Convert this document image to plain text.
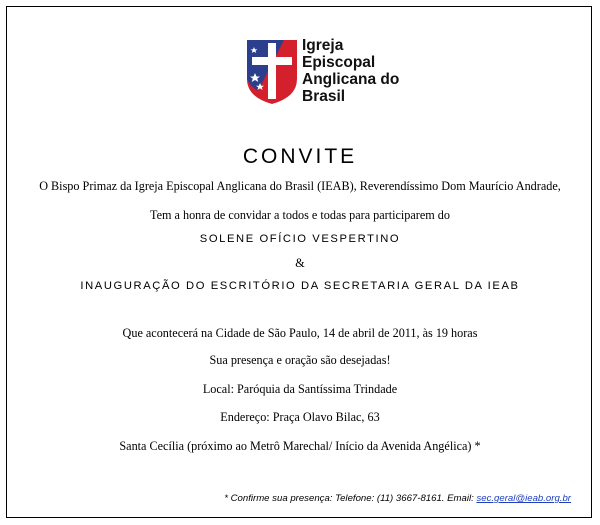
Igreja
Episcopal
Anglicana do
Brasil
CONVITE
O Bispo Primaz da Igreja Episcopal Anglicana do Brasil (IEAB), Reverendíssimo Dom Maurício Andrade,
Tem a honra de convidar a todos e todas para participarem do
SOLENE OFÍCIO VESPERTINO
&
INAUGURAÇÃO DO ESCRITÓRIO DA SECRETARIA GERAL DA IEAB
Que acontecerá na Cidade de São Paulo, 14 de abril de 2011, às 19 horas
Sua presença e oração são desejadas!
Local: Paróquia da Santíssima Trindade
Endereço: Praça Olavo Bilac, 63
Santa Cecília (próximo ao Metrô Marechal/ Início da Avenida Angélica) *
* Confirme sua presença: Telefone: (11) 3667-8161. Email: sec.geral@ieab.org.br
